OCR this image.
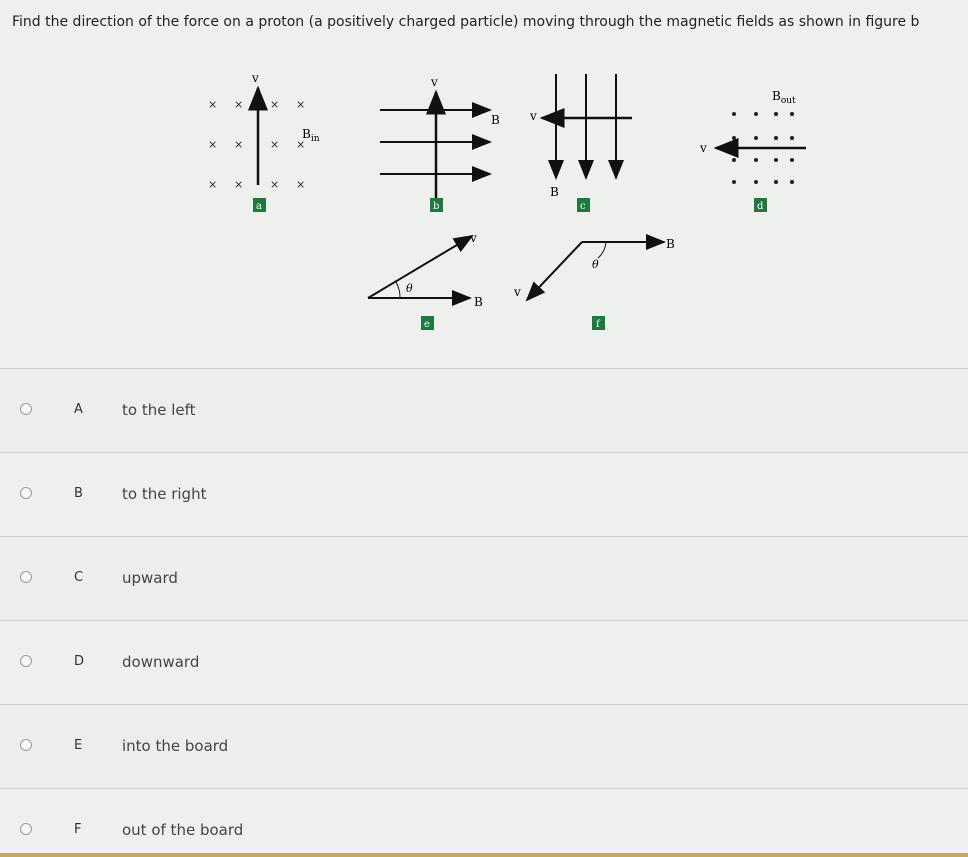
Find the direction of the force on a proton (a positively charged particle) moving through the magnetic fields as shown in figure b
× × × ×
× × × ×
× × × ×
v
$B_{in}$
a
v
B
b
v
B
c
v
$B_{out}$
d
θ
v
B
e
θ
B
v
f
A	to the left
B	to the right
C	upward
D	downward
E	into the board
F	out of the board
